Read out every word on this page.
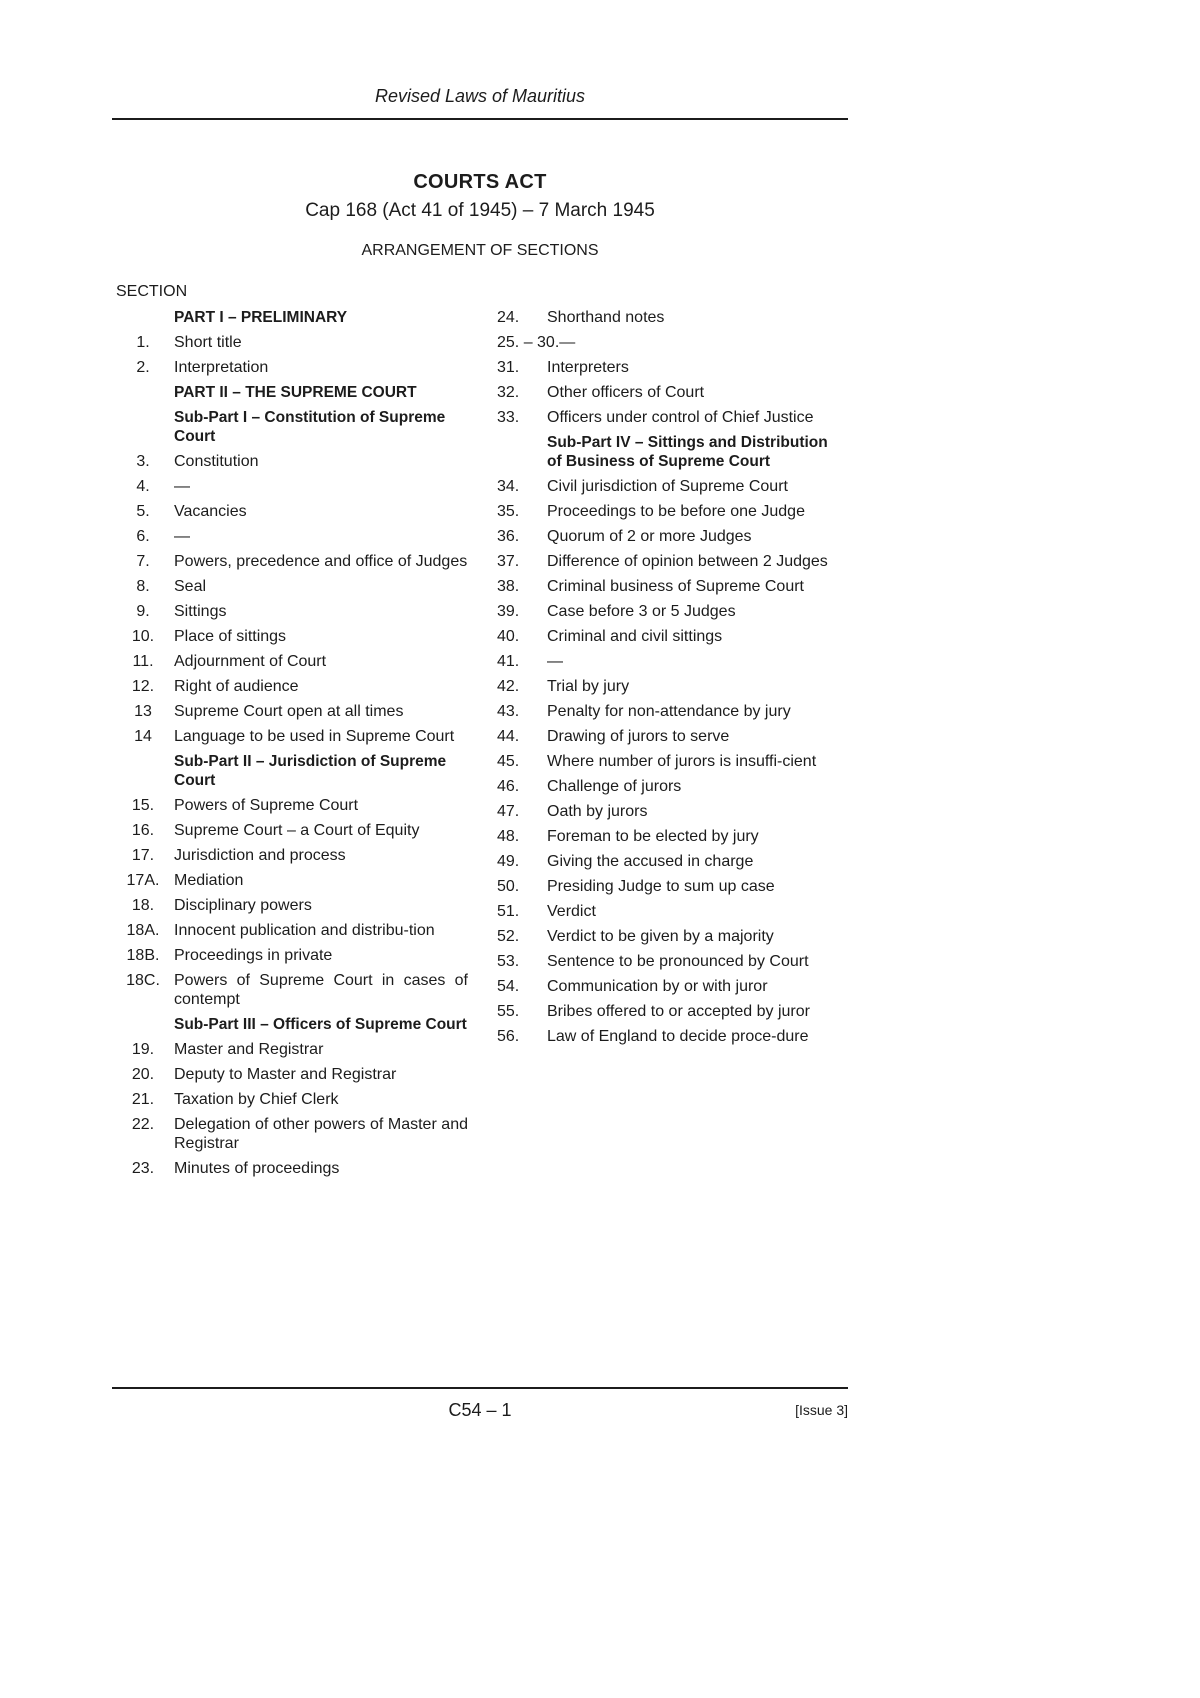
Revised Laws of Mauritius
COURTS ACT
Cap 168 (Act 41 of 1945) – 7 March 1945
ARRANGEMENT OF SECTIONS
SECTION
PART I – PRELIMINARY
1.	Short title
2.	Interpretation
PART II – THE SUPREME COURT
Sub-Part I – Constitution of Supreme Court
3.	Constitution
4.	—
5.	Vacancies
6.	—
7.	Powers, precedence and office of Judges
8.	Seal
9.	Sittings
10.	Place of sittings
11.	Adjournment of Court
12.	Right of audience
13	Supreme Court open at all times
14	Language to be used in Supreme Court
Sub-Part II – Jurisdiction of Supreme Court
15.	Powers of Supreme Court
16.	Supreme Court – a Court of Equity
17.	Jurisdiction and process
17A. Mediation
18.	Disciplinary powers
18A. Innocent publication and distribu-tion
18B. Proceedings in private
18C. Powers of Supreme Court in cases of contempt
Sub-Part III – Officers of Supreme Court
19.	Master and Registrar
20.	Deputy to Master and Registrar
21.	Taxation by Chief Clerk
22.	Delegation of other powers of Master and Registrar
23.	Minutes of proceedings
24.	Shorthand notes
25. – 30. —
31.	Interpreters
32.	Other officers of Court
33.	Officers under control of Chief Justice
Sub-Part IV – Sittings and Distribution of Business of Supreme Court
34.	Civil jurisdiction of Supreme Court
35.	Proceedings to be before one Judge
36.	Quorum of 2 or more Judges
37.	Difference of opinion between 2 Judges
38.	Criminal business of Supreme Court
39.	Case before 3 or 5 Judges
40.	Criminal and civil sittings
41.	—
42.	Trial by jury
43.	Penalty for non-attendance by jury
44.	Drawing of jurors to serve
45.	Where number of jurors is insuffi-cient
46.	Challenge of jurors
47.	Oath by jurors
48.	Foreman to be elected by jury
49.	Giving the accused in charge
50.	Presiding Judge to sum up case
51.	Verdict
52.	Verdict to be given by a majority
53.	Sentence to be pronounced by Court
54.	Communication by or with juror
55.	Bribes offered to or accepted by juror
56.	Law of England to decide proce-dure
C54 – 1	[Issue 3]
